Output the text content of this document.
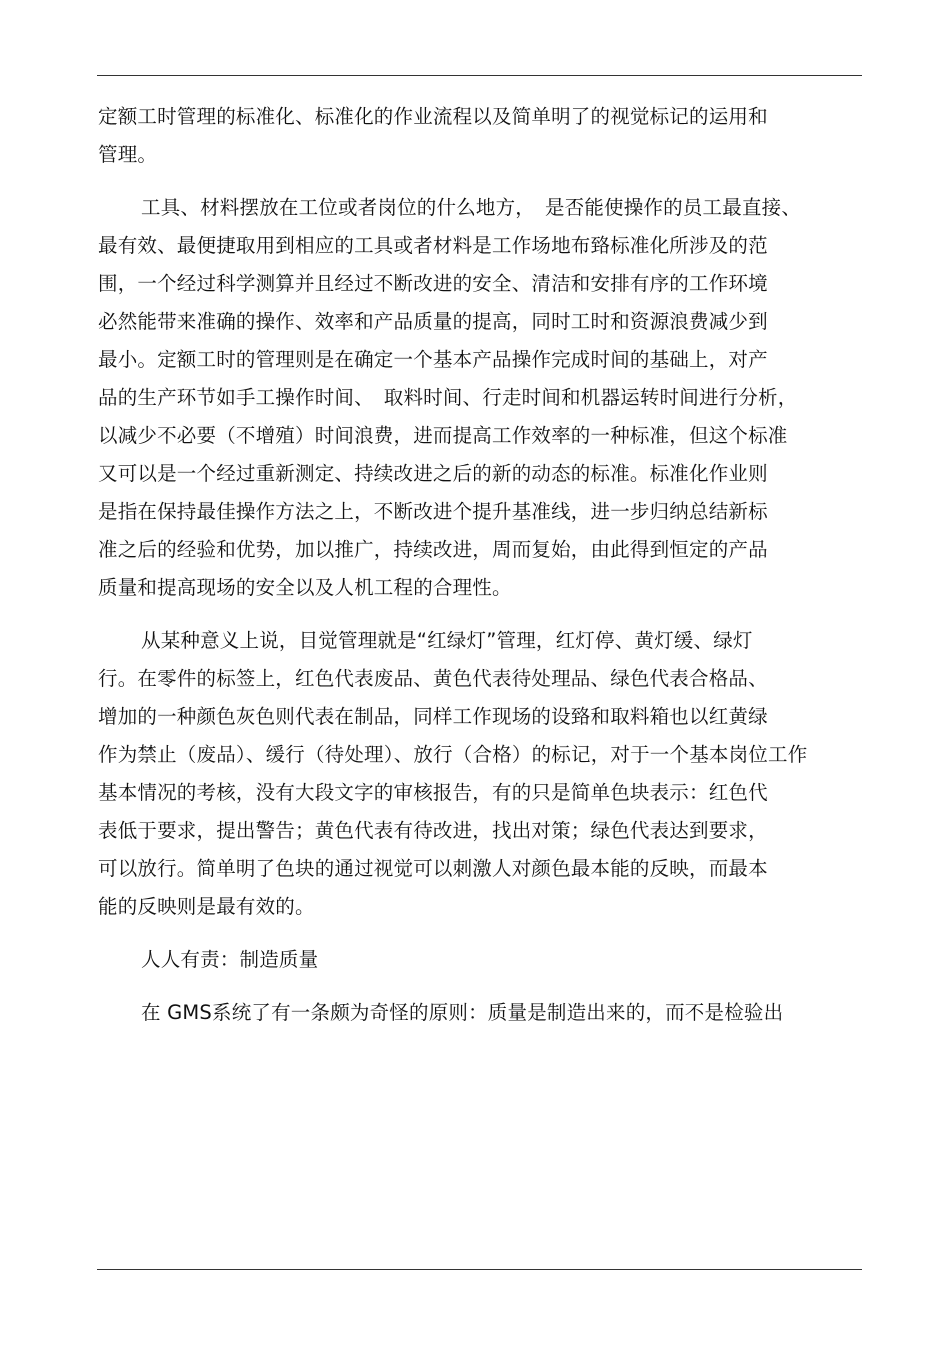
定额工时管理的标准化、标准化的作业流程以及简单明了的视觉标记的运用和
管理。
工具、材料摆放在工位或者岗位的什么地方，　是否能使操作的员工最直接、
最有效、最便捷取用到相应的工具或者材料是工作场地布臵标准化所涉及的范
围，一个经过科学测算并且经过不断改进的安全、清洁和安排有序的工作环境
必然能带来准确的操作、效率和产品质量的提高，同时工时和资源浪费减少到
最小。定额工时的管理则是在确定一个基本产品操作完成时间的基础上，对产
品的生产环节如手工操作时间、　取料时间、行走时间和机器运转时间进行分析，
以减少不必要（不增殖）时间浪费，进而提高工作效率的一种标准，但这个标准
又可以是一个经过重新测定、持续改进之后的新的动态的标准。标准化作业则
是指在保持最佳操作方法之上，不断改进个提升基准线，进一步归纳总结新标
准之后的经验和优势，加以推广，持续改进，周而复始，由此得到恒定的产品
质量和提高现场的安全以及人机工程的合理性。
从某种意义上说，目觉管理就是“红绿灯”管理，红灯停、黄灯缓、绿灯
行。在零件的标签上，红色代表废品、黄色代表待处理品、绿色代表合格品、
增加的一种颜色灰色则代表在制品，同样工作现场的设臵和取料箱也以红黄绿
作为禁止（废品）、缓行（待处理）、放行（合格）的标记，对于一个基本岗位工作
基本情况的考核，没有大段文字的审核报告，有的只是简单色块表示：红色代
表低于要求，提出警告；黄色代表有待改进，找出对策；绿色代表达到要求，
可以放行。简单明了色块的通过视觉可以刺激人对颜色最本能的反映，而最本
能的反映则是最有效的。
人人有责：制造质量
在 GMS系统了有一条颇为奇怪的原则：质量是制造出来的，而不是检验出
